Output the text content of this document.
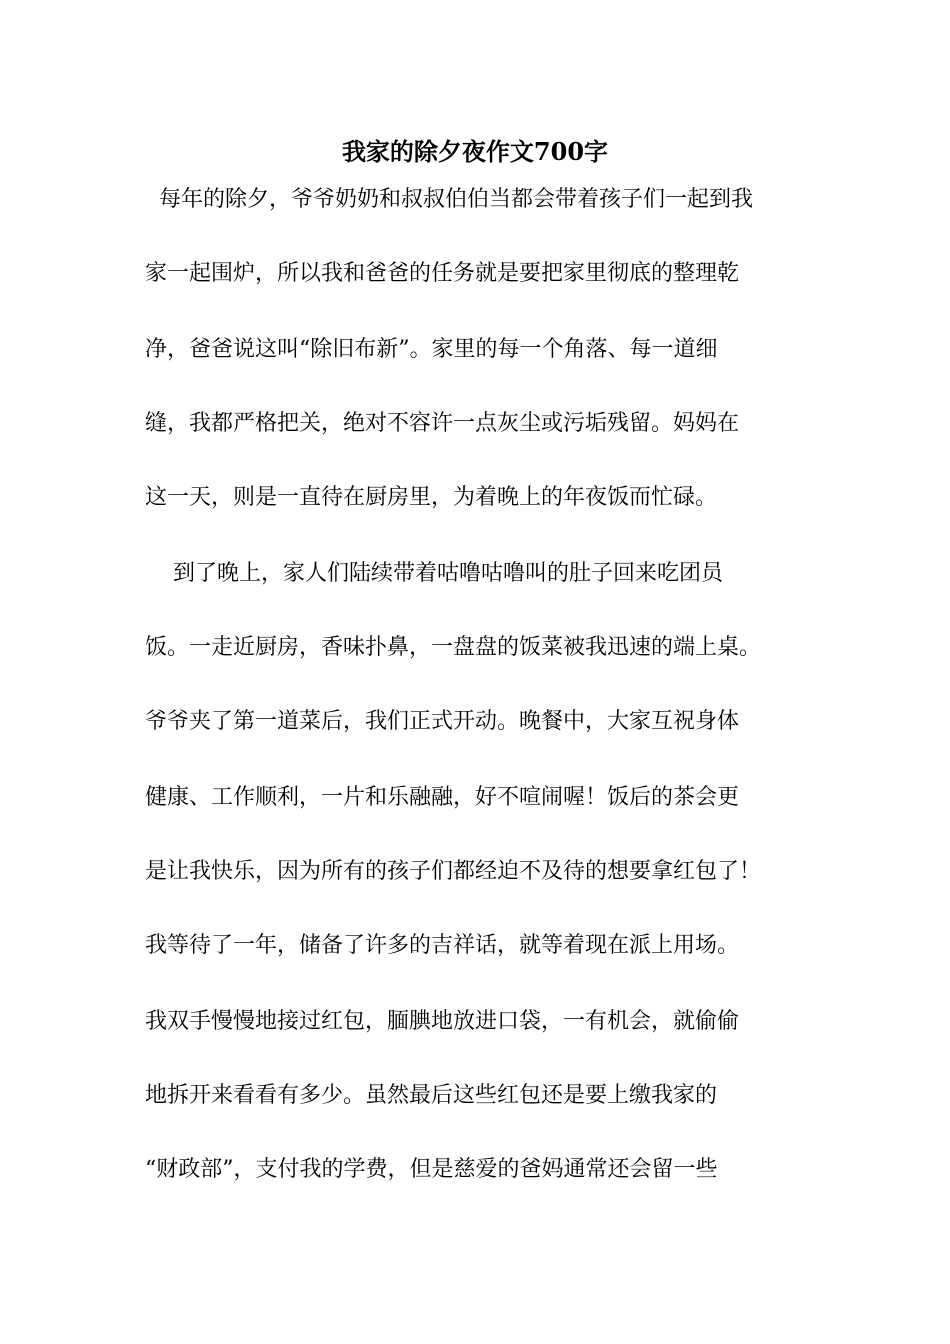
我家的除夕夜作文700字

每年的除夕，爷爷奶奶和叔叔伯伯当都会带着孩子们一起到我

家一起围炉，所以我和爸爸的任务就是要把家里彻底的整理乾

净，爸爸说这叫“除旧布新”。家里的每一个角落、每一道细

缝，我都严格把关，绝对不容许一点灰尘或污垢残留。妈妈在

这一天，则是一直待在厨房里，为着晚上的年夜饭而忙碌。

到了晚上，家人们陆续带着咕噜咕噜叫的肚子回来吃团员

饭。一走近厨房，香味扑鼻，一盘盘的饭菜被我迅速的端上桌。

爷爷夹了第一道菜后，我们正式开动。晚餐中，大家互祝身体

健康、工作顺利，一片和乐融融，好不喧闹喔！饭后的茶会更

是让我快乐，因为所有的孩子们都经迫不及待的想要拿红包了！

我等待了一年，储备了许多的吉祥话，就等着现在派上用场。

我双手慢慢地接过红包，腼腆地放进口袋，一有机会，就偷偷

地拆开来看看有多少。虽然最后这些红包还是要上缴我家的

“财政部”，支付我的学费，但是慈爱的爸妈通常还会留一些
